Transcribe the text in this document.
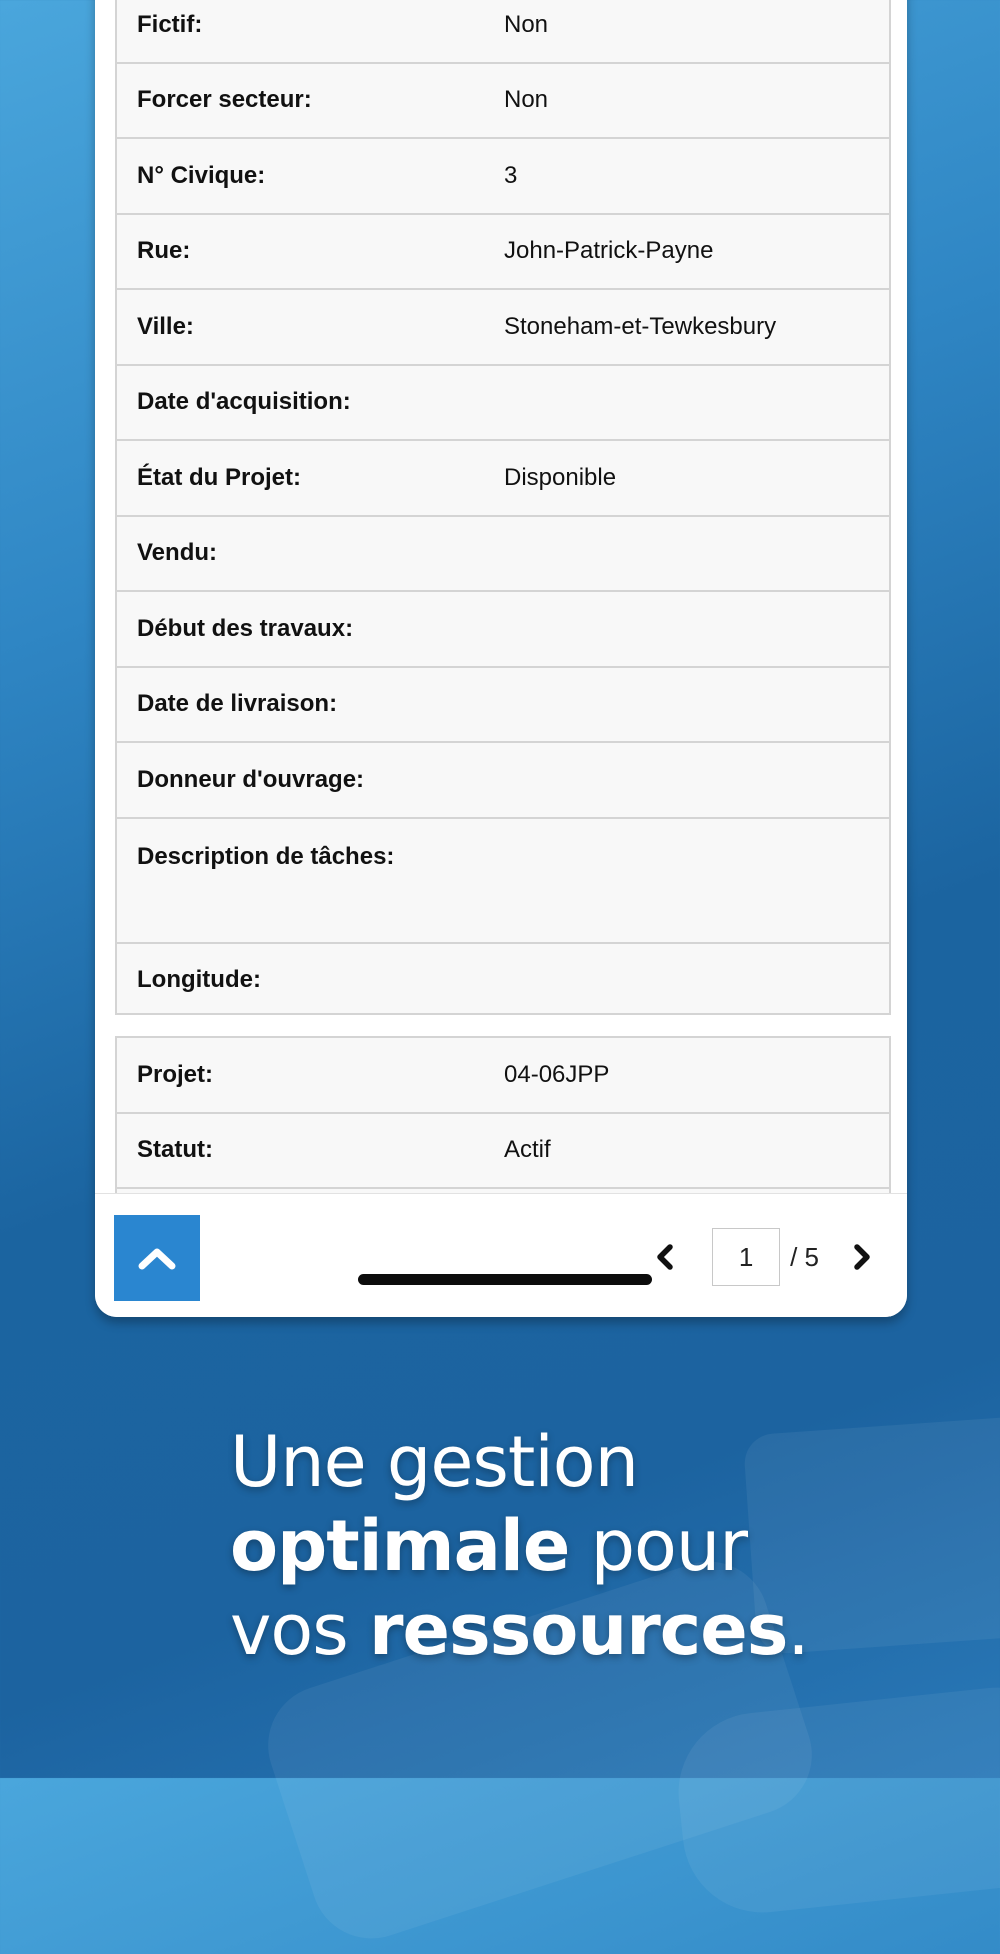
Fictif:	Non
Forcer secteur:	Non
N° Civique:	3
Rue:	John-Patrick-Payne
Ville:	Stoneham-et-Tewkesbury
Date d'acquisition:
État du Projet:	Disponible
Vendu:
Début des travaux:
Date de livraison:
Donneur d'ouvrage:
Description de tâches:
Longitude:
Projet:	04-06JPP
Statut:	Actif
1
/ 5
Une gestion
optimale pour
vos ressources.
